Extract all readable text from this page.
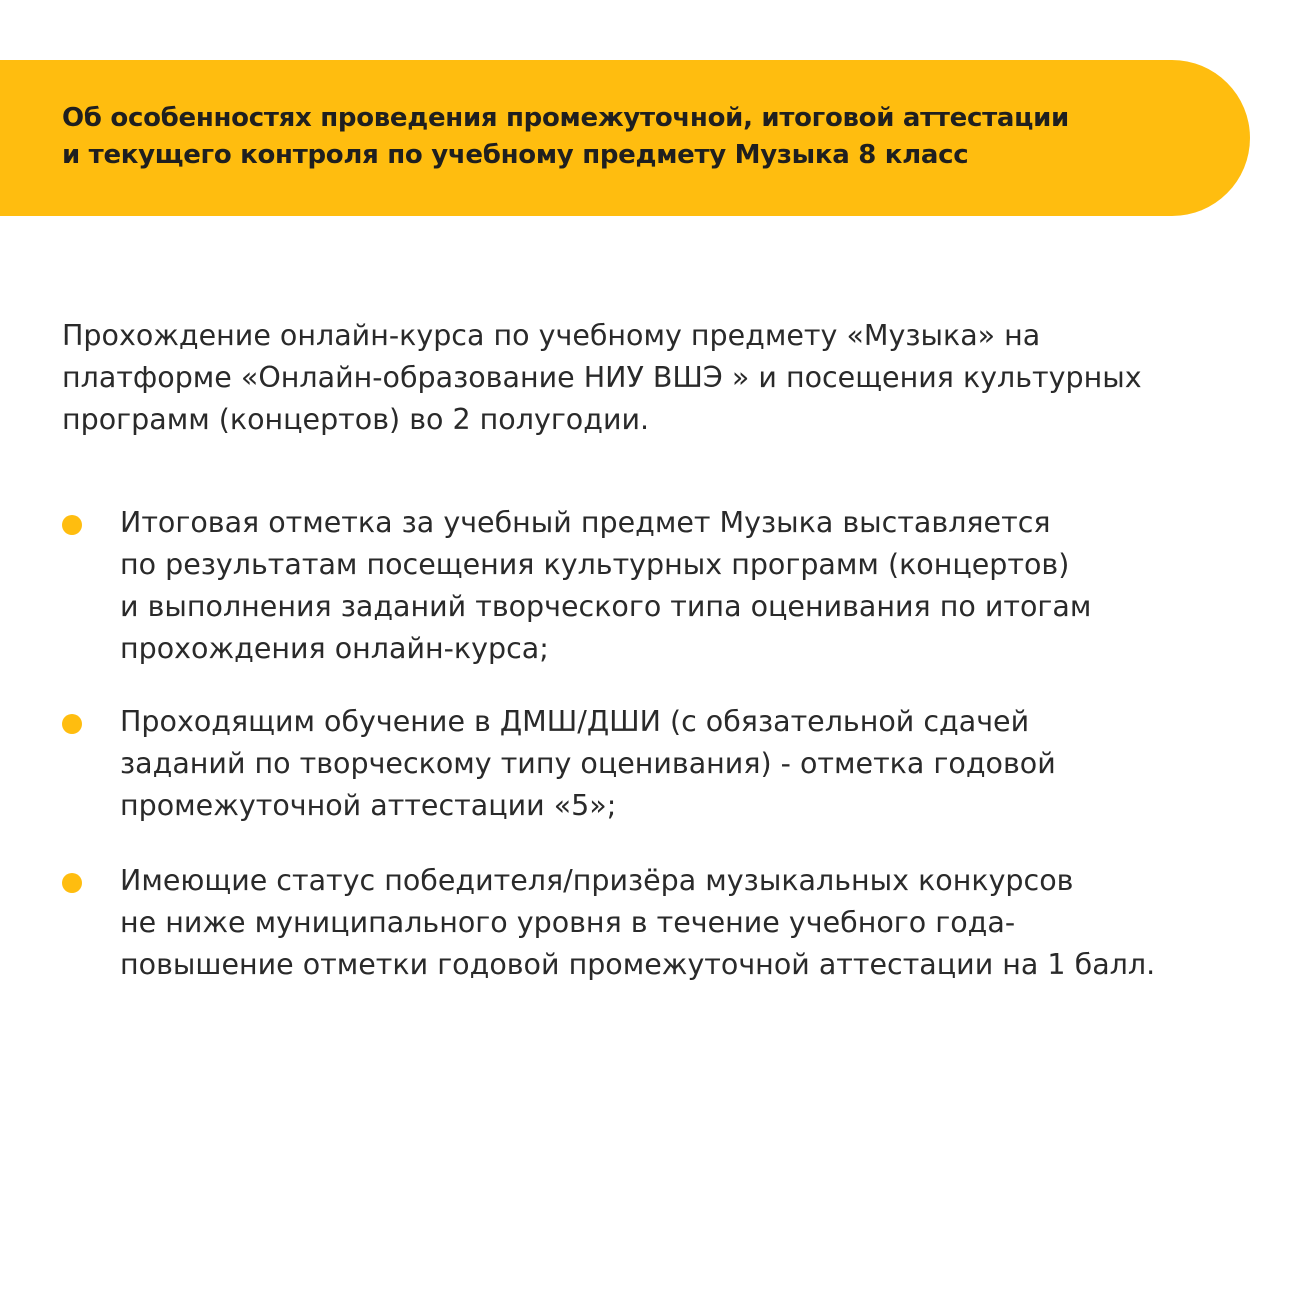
Об особенностях проведения промежуточной, итоговой аттестации
и текущего контроля по учебному предмету Музыка 8 класс

Прохождение онлайн-курса по учебному предмету «Музыка» на
платформе «Онлайн-образование НИУ ВШЭ » и посещения культурных
программ (концертов) во 2 полугодии.

Итоговая отметка за учебный предмет Музыка выставляется
по результатам посещения культурных программ (концертов)
и выполнения заданий творческого типа оценивания по итогам
прохождения онлайн-курса;

Проходящим обучение в ДМШ/ДШИ (с обязательной сдачей
заданий по творческому типу оценивания) - отметка годовой
промежуточной аттестации «5»;

Имеющие статус победителя/призёра музыкальных конкурсов
не ниже муниципального уровня в течение учебного года-
повышение отметки годовой промежуточной аттестации на 1 балл.
